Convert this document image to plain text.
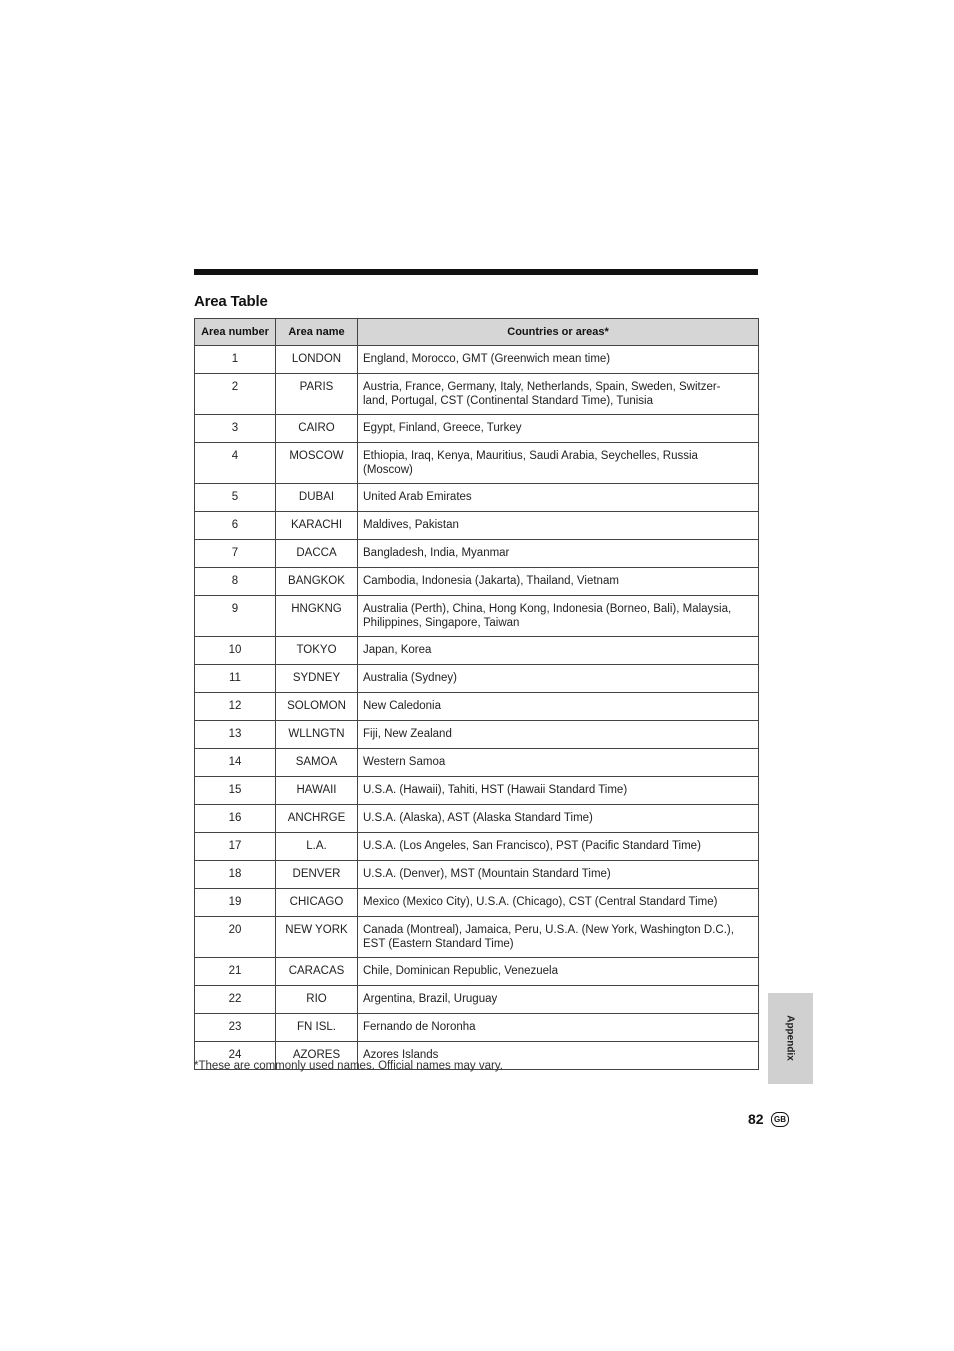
Area Table
Area number	Area name	Countries or areas*
1	LONDON	England, Morocco, GMT (Greenwich mean time)
2	PARIS	Austria, France, Germany, Italy, Netherlands, Spain, Sweden, Switzer-
land, Portugal, CST (Continental Standard Time), Tunisia
3	CAIRO	Egypt, Finland, Greece, Turkey
4	MOSCOW	Ethiopia, Iraq, Kenya, Mauritius, Saudi Arabia, Seychelles, Russia
(Moscow)
5	DUBAI	United Arab Emirates
6	KARACHI	Maldives, Pakistan
7	DACCA	Bangladesh, India, Myanmar
8	BANGKOK	Cambodia, Indonesia (Jakarta), Thailand, Vietnam
9	HNGKNG	Australia (Perth), China, Hong Kong, Indonesia (Borneo, Bali), Malaysia,
Philippines, Singapore, Taiwan
10	TOKYO	Japan, Korea
11	SYDNEY	Australia (Sydney)
12	SOLOMON	New Caledonia
13	WLLNGTN	Fiji, New Zealand
14	SAMOA	Western Samoa
15	HAWAII	U.S.A. (Hawaii), Tahiti, HST (Hawaii Standard Time)
16	ANCHRGE	U.S.A. (Alaska), AST (Alaska Standard Time)
17	L.A.	U.S.A. (Los Angeles, San Francisco), PST (Pacific Standard Time)
18	DENVER	U.S.A. (Denver), MST (Mountain Standard Time)
19	CHICAGO	Mexico (Mexico City), U.S.A. (Chicago), CST (Central Standard Time)
20	NEW YORK	Canada (Montreal), Jamaica, Peru, U.S.A. (New York, Washington D.C.),
EST (Eastern Standard Time)
21	CARACAS	Chile, Dominican Republic, Venezuela
22	RIO	Argentina, Brazil, Uruguay
23	FN ISL.	Fernando de Noronha
24	AZORES	Azores Islands
*These are commonly used names. Official names may vary.
Appendix
82	GB
